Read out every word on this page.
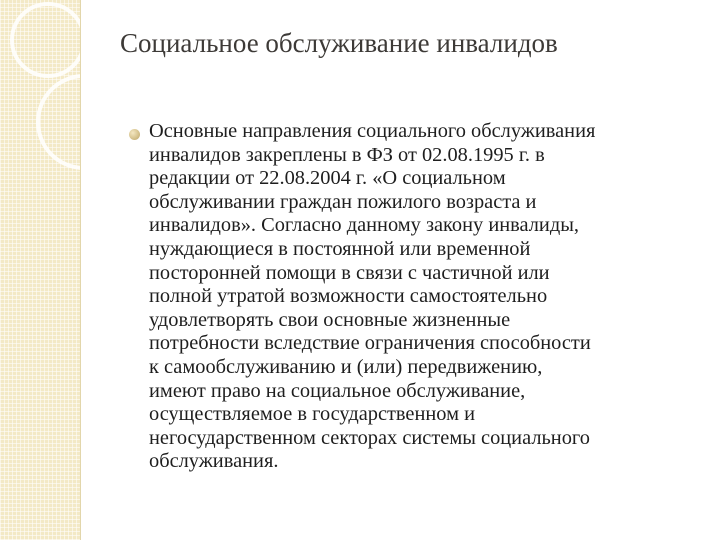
Социальное обслуживание инвалидов
Основные направления социального обслуживания
инвалидов закреплены в ФЗ от 02.08.1995 г. в
редакции от 22.08.2004 г. «О социальном
обслуживании граждан пожилого возраста и
инвалидов». Согласно данному закону инвалиды,
нуждающиеся в постоянной или временной
посторонней помощи в связи с частичной или
полной утратой возможности самостоятельно
удовлетворять свои основные жизненные
потребности вследствие ограничения способности
к самообслуживанию и (или) передвижению,
имеют право на социальное обслуживание,
осуществляемое в государственном и
негосударственном секторах системы социального
обслуживания.
